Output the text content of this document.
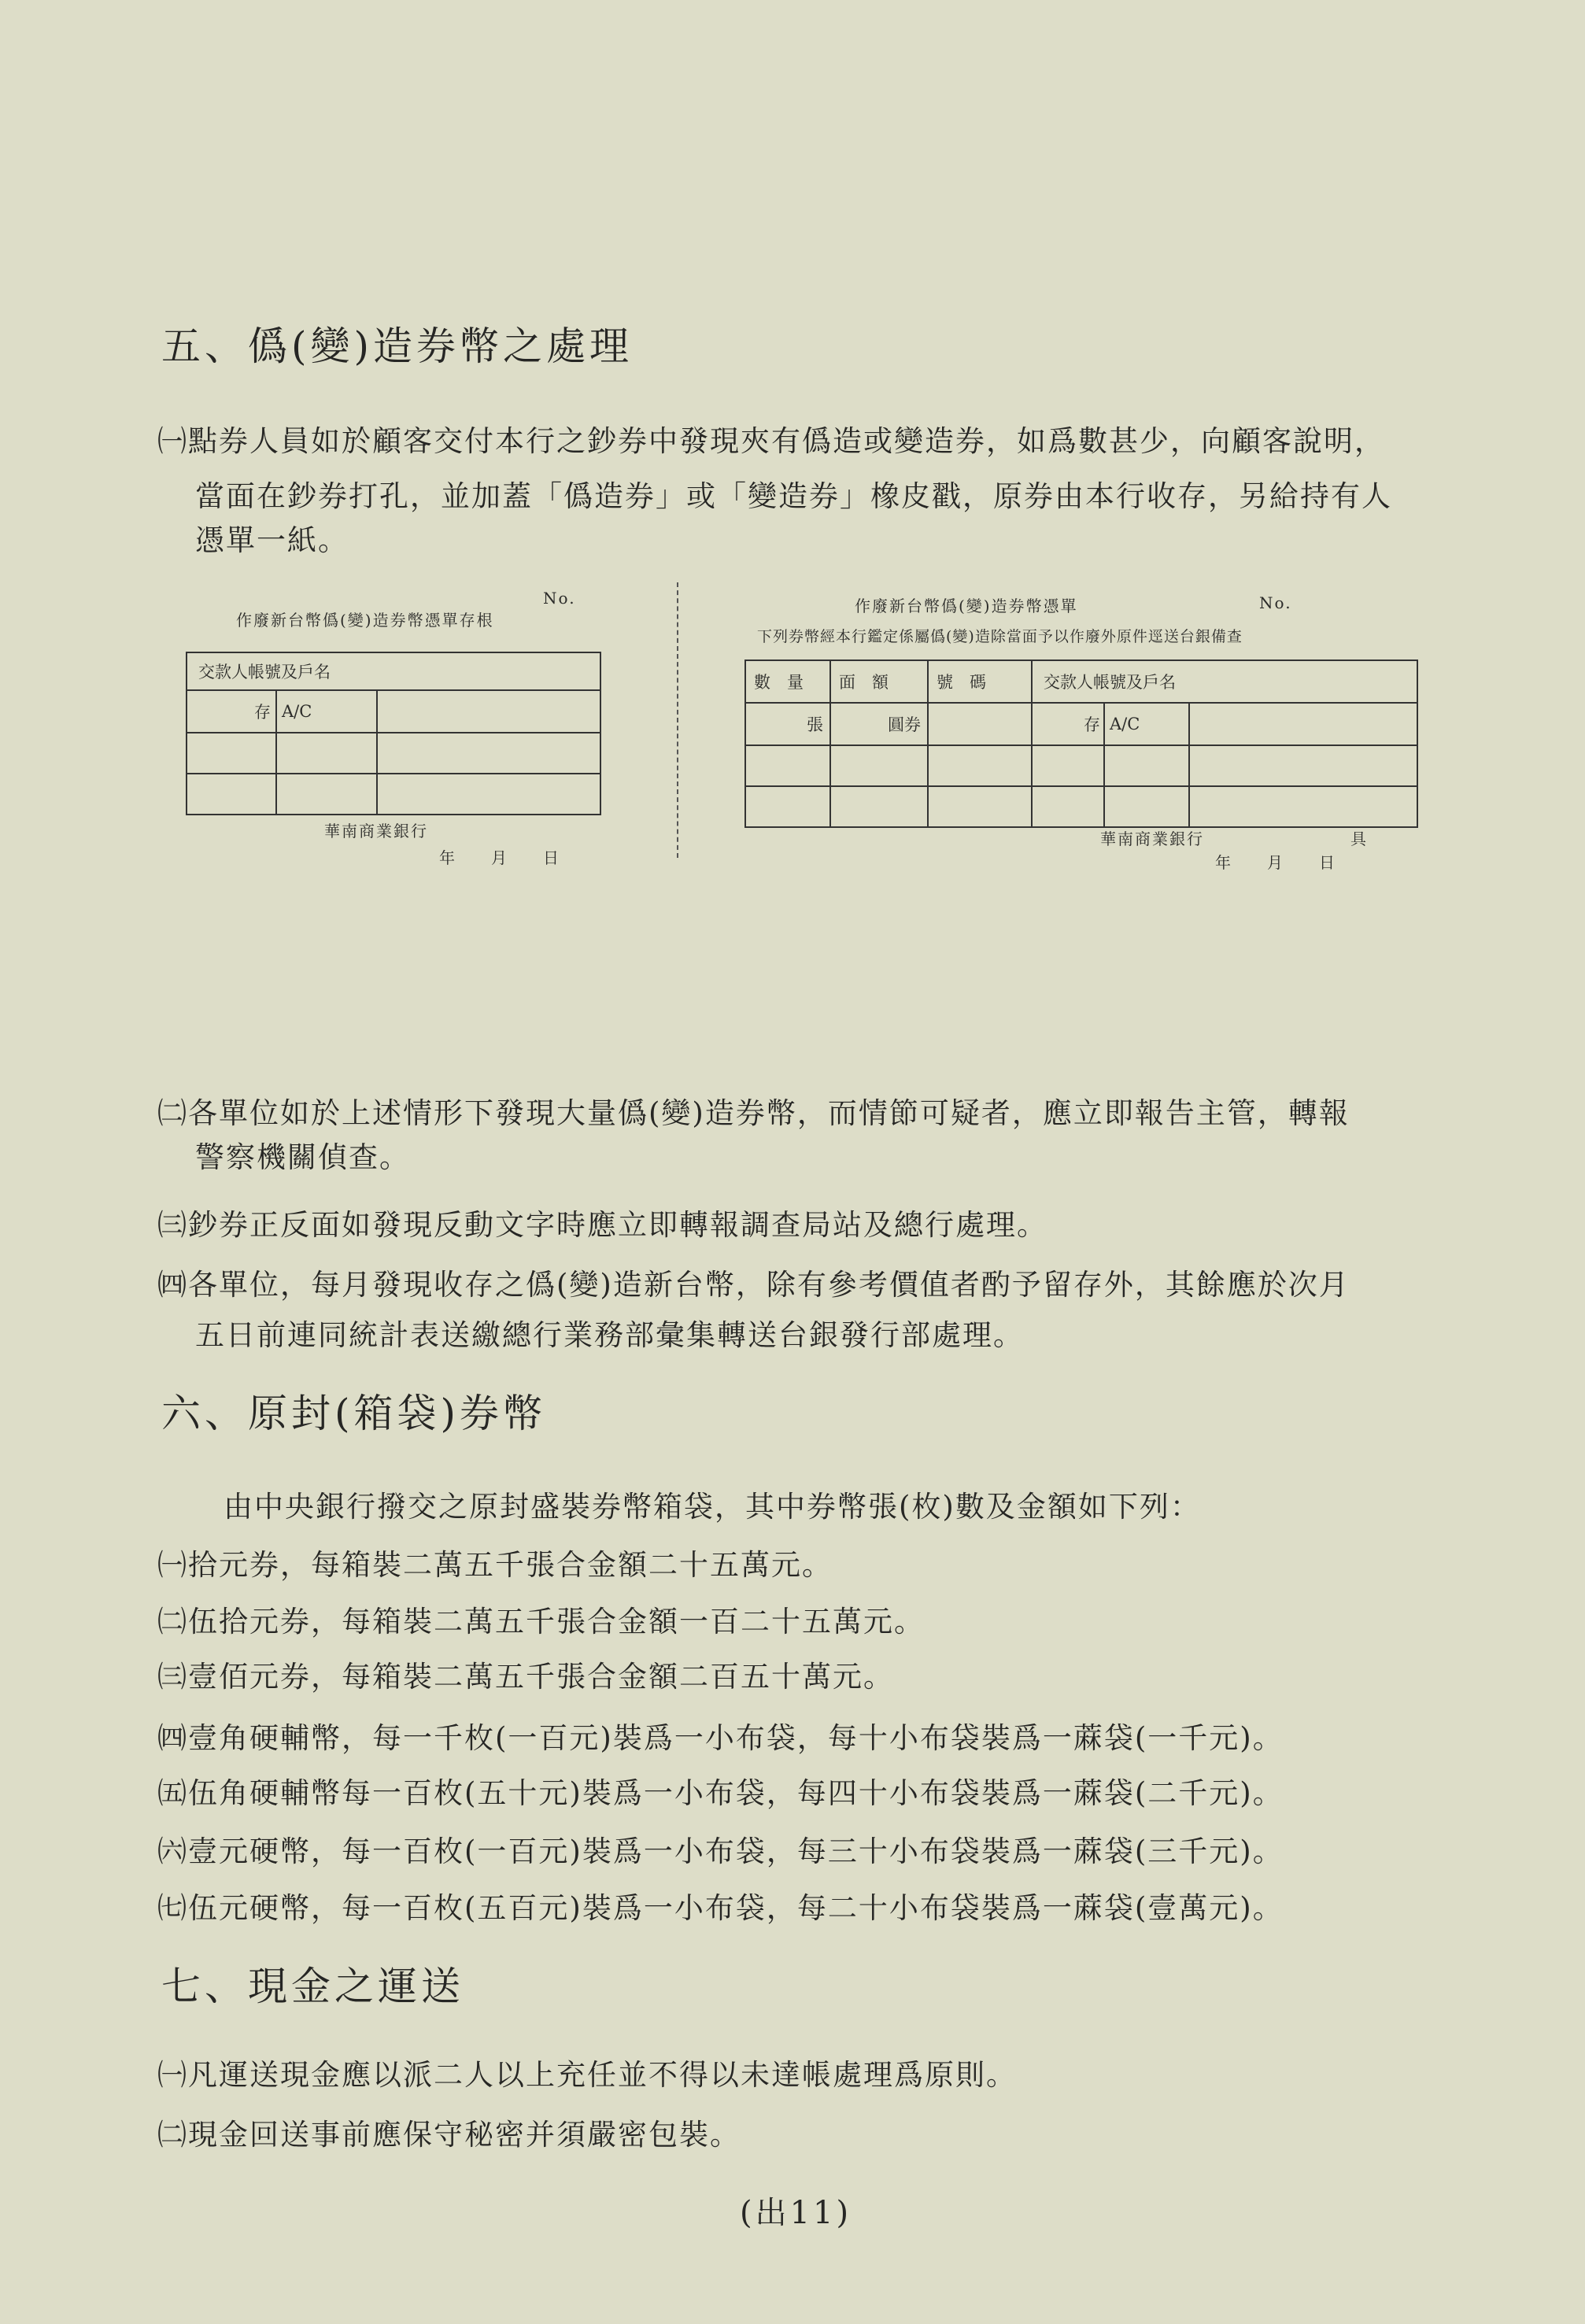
五、僞(變)造券幣之處理
㈠點券人員如於顧客交付本行之鈔券中發現夾有僞造或變造券，如爲數甚少，向顧客說明，
當面在鈔券打孔，並加蓋「僞造券」或「變造券」橡皮戳，原券由本行收存，另給持有人
憑單一紙。
No.
作廢新台幣僞(變)造券幣憑單存根
交款人帳號及戶名		
存	A/C	

華南商業銀行
年　　月　　日
作廢新台幣僞(變)造券幣憑單	No.
下列券幣經本行鑑定係屬僞(變)造除當面予以作廢外原件逕送台銀備查
數　量	面　額	號　碼	交款人帳號及戶名		
張	圓券		存	A/C	

華南商業銀行	具
年　　月　　日
㈡各單位如於上述情形下發現大量僞(變)造券幣，而情節可疑者，應立即報告主管，轉報
警察機關偵查。
㈢鈔券正反面如發現反動文字時應立即轉報調查局站及總行處理。
㈣各單位，每月發現收存之僞(變)造新台幣，除有參考價值者酌予留存外，其餘應於次月
五日前連同統計表送繳總行業務部彙集轉送台銀發行部處理。
六、原封(箱袋)券幣
由中央銀行撥交之原封盛裝券幣箱袋，其中券幣張(枚)數及金額如下列：
㈠拾元券，每箱裝二萬五千張合金額二十五萬元。
㈡伍拾元券，每箱裝二萬五千張合金額一百二十五萬元。
㈢壹佰元券，每箱裝二萬五千張合金額二百五十萬元。
㈣壹角硬輔幣，每一千枚(一百元)裝爲一小布袋，每十小布袋裝爲一蔴袋(一千元)。
㈤伍角硬輔幣每一百枚(五十元)裝爲一小布袋，每四十小布袋裝爲一蔴袋(二千元)。
㈥壹元硬幣，每一百枚(一百元)裝爲一小布袋，每三十小布袋裝爲一蔴袋(三千元)。
㈦伍元硬幣，每一百枚(五百元)裝爲一小布袋，每二十小布袋裝爲一蔴袋(壹萬元)。
七、現金之運送
㈠凡運送現金應以派二人以上充任並不得以未達帳處理爲原則。
㈡現金回送事前應保守秘密并須嚴密包裝。
(出11)
